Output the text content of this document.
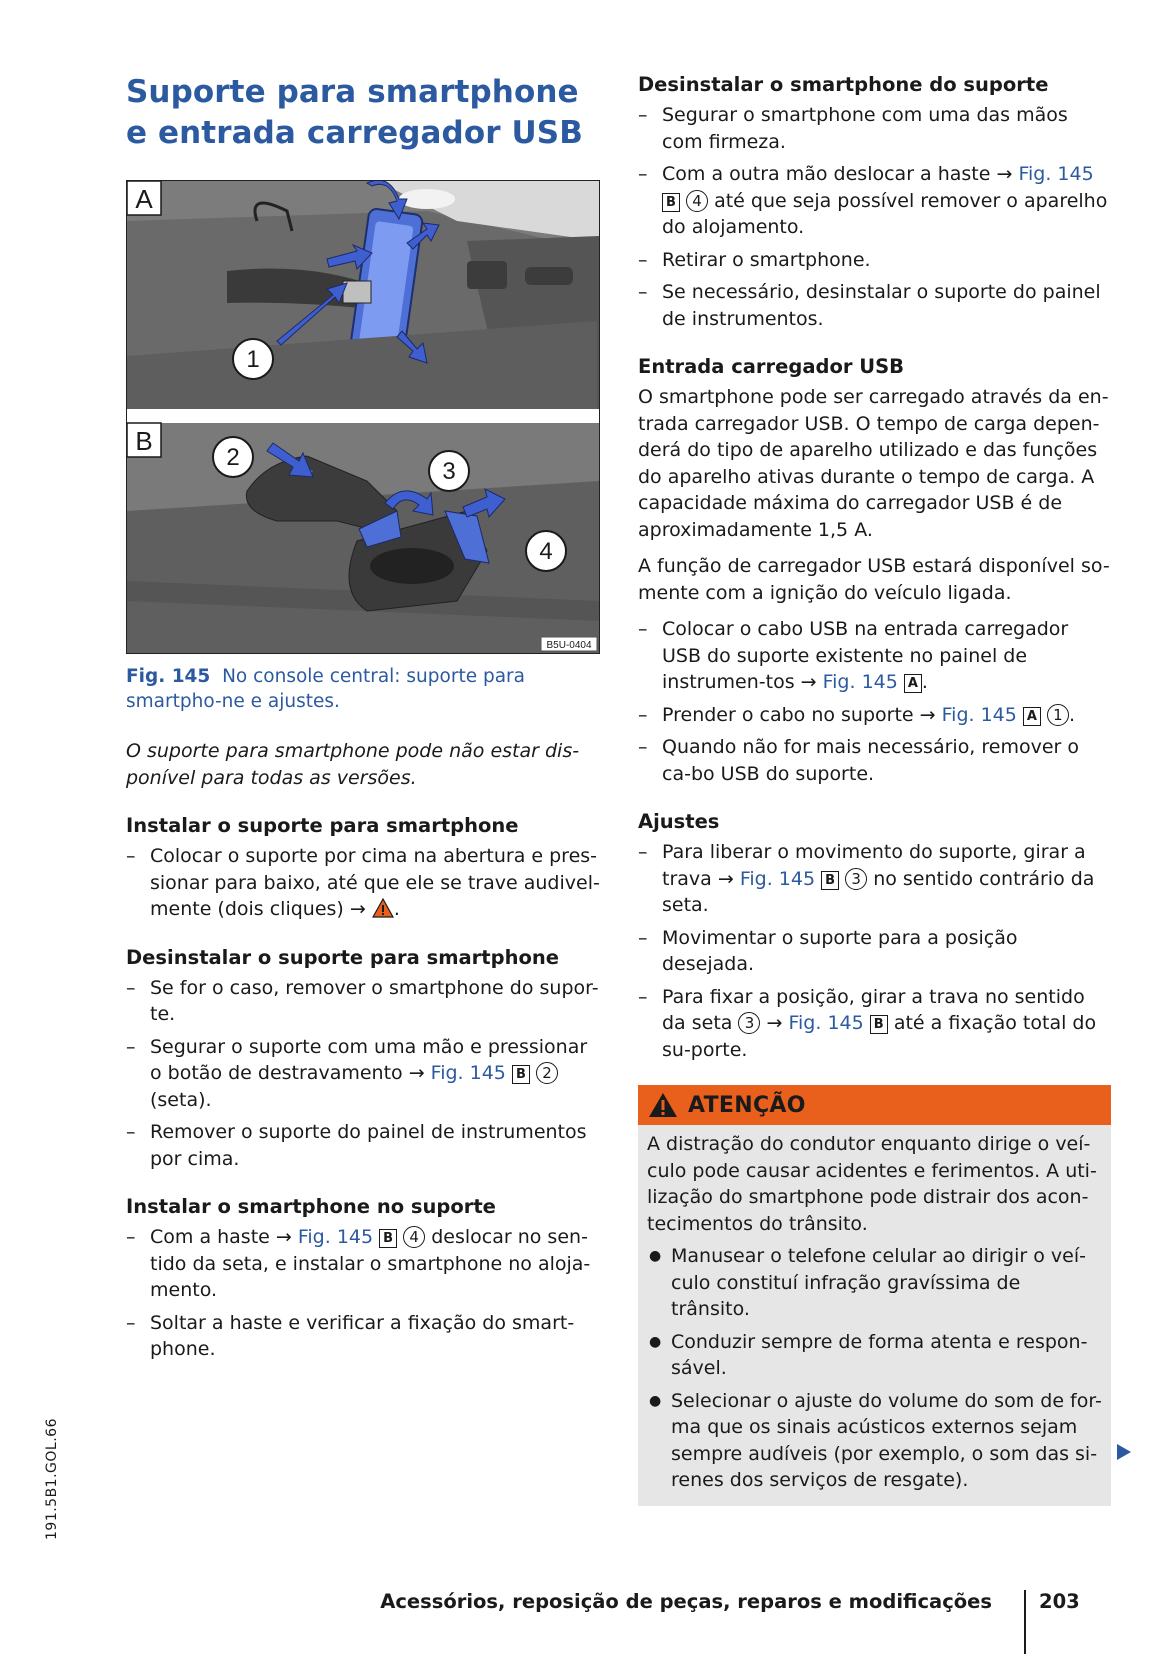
Suporte para smartphone e entrada carregador USB
1
A
2
3
4
B
B5U-0404
Fig. 145 No console central: suporte para smartpho-ne e ajustes.

O suporte para smartphone pode não estar dis-ponível para todas as versões.

Instalar o suporte para smartphone
– Colocar o suporte por cima na abertura e pres-sionar para baixo, até que ele se trave audivel-mente (dois cliques) → .
Desinstalar o suporte para smartphone
– Se for o caso, remover o smartphone do supor-te.
– Segurar o suporte com uma mão e pressionar o botão de destravamento → Fig. 145 B 2 (seta).
– Remover o suporte do painel de instrumentos por cima.
Instalar o smartphone no suporte
– Com a haste → Fig. 145 B 4 deslocar no sen-tido da seta, e instalar o smartphone no aloja-mento.
– Soltar a haste e verificar a fixação do smart-phone.
Desinstalar o smartphone do suporte
– Segurar o smartphone com uma das mãos com firmeza.
– Com a outra mão deslocar a haste → Fig. 145 B 4 até que seja possível remover o aparelho do alojamento.
– Retirar o smartphone.
– Se necessário, desinstalar o suporte do painel de instrumentos.
Entrada carregador USB

O smartphone pode ser carregado através da en-trada carregador USB. O tempo de carga depen-derá do tipo de aparelho utilizado e das funções do aparelho ativas durante o tempo de carga. A capacidade máxima do carregador USB é de aproximadamente 1,5 A.

A função de carregador USB estará disponível so-mente com a ignição do veículo ligada.

– Colocar o cabo USB na entrada carregador USB do suporte existente no painel de instrumen-tos → Fig. 145 A .
– Prender o cabo no suporte → Fig. 145 A 1 .
– Quando não for mais necessário, remover o ca-bo USB do suporte.
Ajustes
– Para liberar o movimento do suporte, girar a trava → Fig. 145 B 3 no sentido contrário da seta.
– Movimentar o suporte para a posição desejada.
– Para fixar a posição, girar a trava no sentido da seta 3 → Fig. 145 B até a fixação total do su-porte.
ATENÇÃO

A distração do condutor enquanto dirige o veí-culo pode causar acidentes e ferimentos. A uti-lização do smartphone pode distrair dos acon-tecimentos do trânsito.

● Manusear o telefone celular ao dirigir o veí-culo constituí infração gravíssima de trânsito.
● Conduzir sempre de forma atenta e respon-sável.
● Selecionar o ajuste do volume do som de for-ma que os sinais acústicos externos sejam sempre audíveis (por exemplo, o som das si-renes dos serviços de resgate).
191.5B1.GOL.66
Acessórios, reposição de peças, reparos e modificações 203
